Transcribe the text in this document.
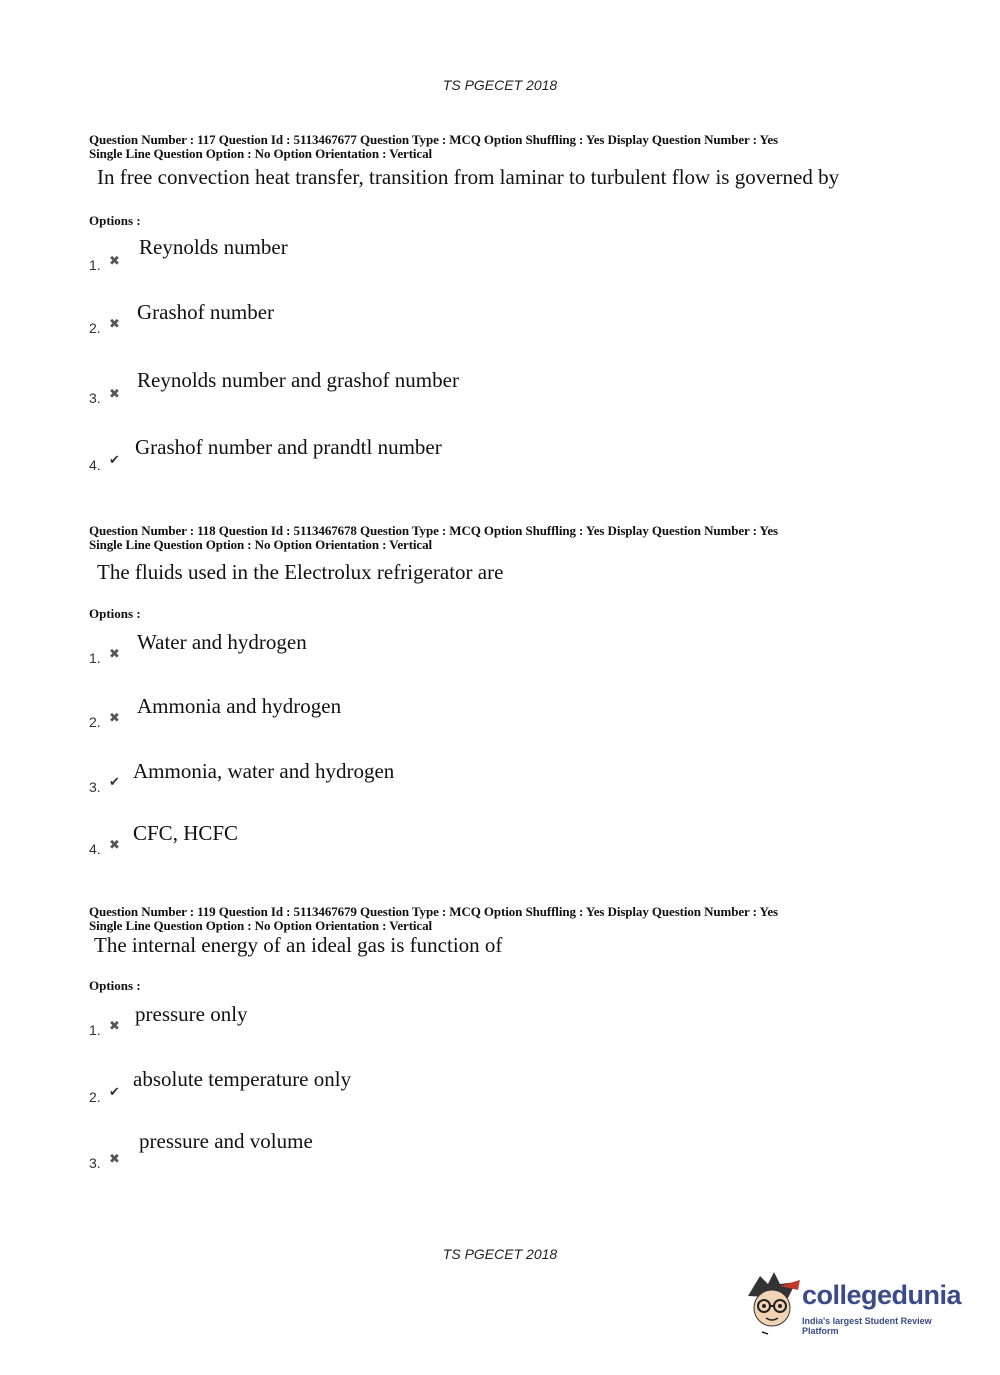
TS PGECET 2018
Question Number : 117 Question Id : 5113467677 Question Type : MCQ Option Shuffling : Yes Display Question Number : Yes
Single Line Question Option : No Option Orientation : Vertical
In free convection heat transfer, transition from laminar to turbulent flow is governed by
Options :
1. ✖
Reynolds number
2. ✖ Grashof number
3. ✖
Reynolds number and grashof number
4. ✔
Grashof number and prandtl number
Question Number : 118 Question Id : 5113467678 Question Type : MCQ Option Shuffling : Yes Display Question Number : Yes
Single Line Question Option : No Option Orientation : Vertical
The fluids used in the Electrolux refrigerator are
Options :
1. ✖ Water and hydrogen
2. ✖ Ammonia and hydrogen
3. ✔ Ammonia, water and hydrogen
4. ✖ CFC, HCFC
Question Number : 119 Question Id : 5113467679 Question Type : MCQ Option Shuffling : Yes Display Question Number : Yes
Single Line Question Option : No Option Orientation : Vertical
The internal energy of an ideal gas is function of
Options :
1. ✖ pressure only
2. ✔
absolute temperature only
3. ✖
pressure and volume
TS PGECET 2018
collegedunia
India's largest Student Review Platform
